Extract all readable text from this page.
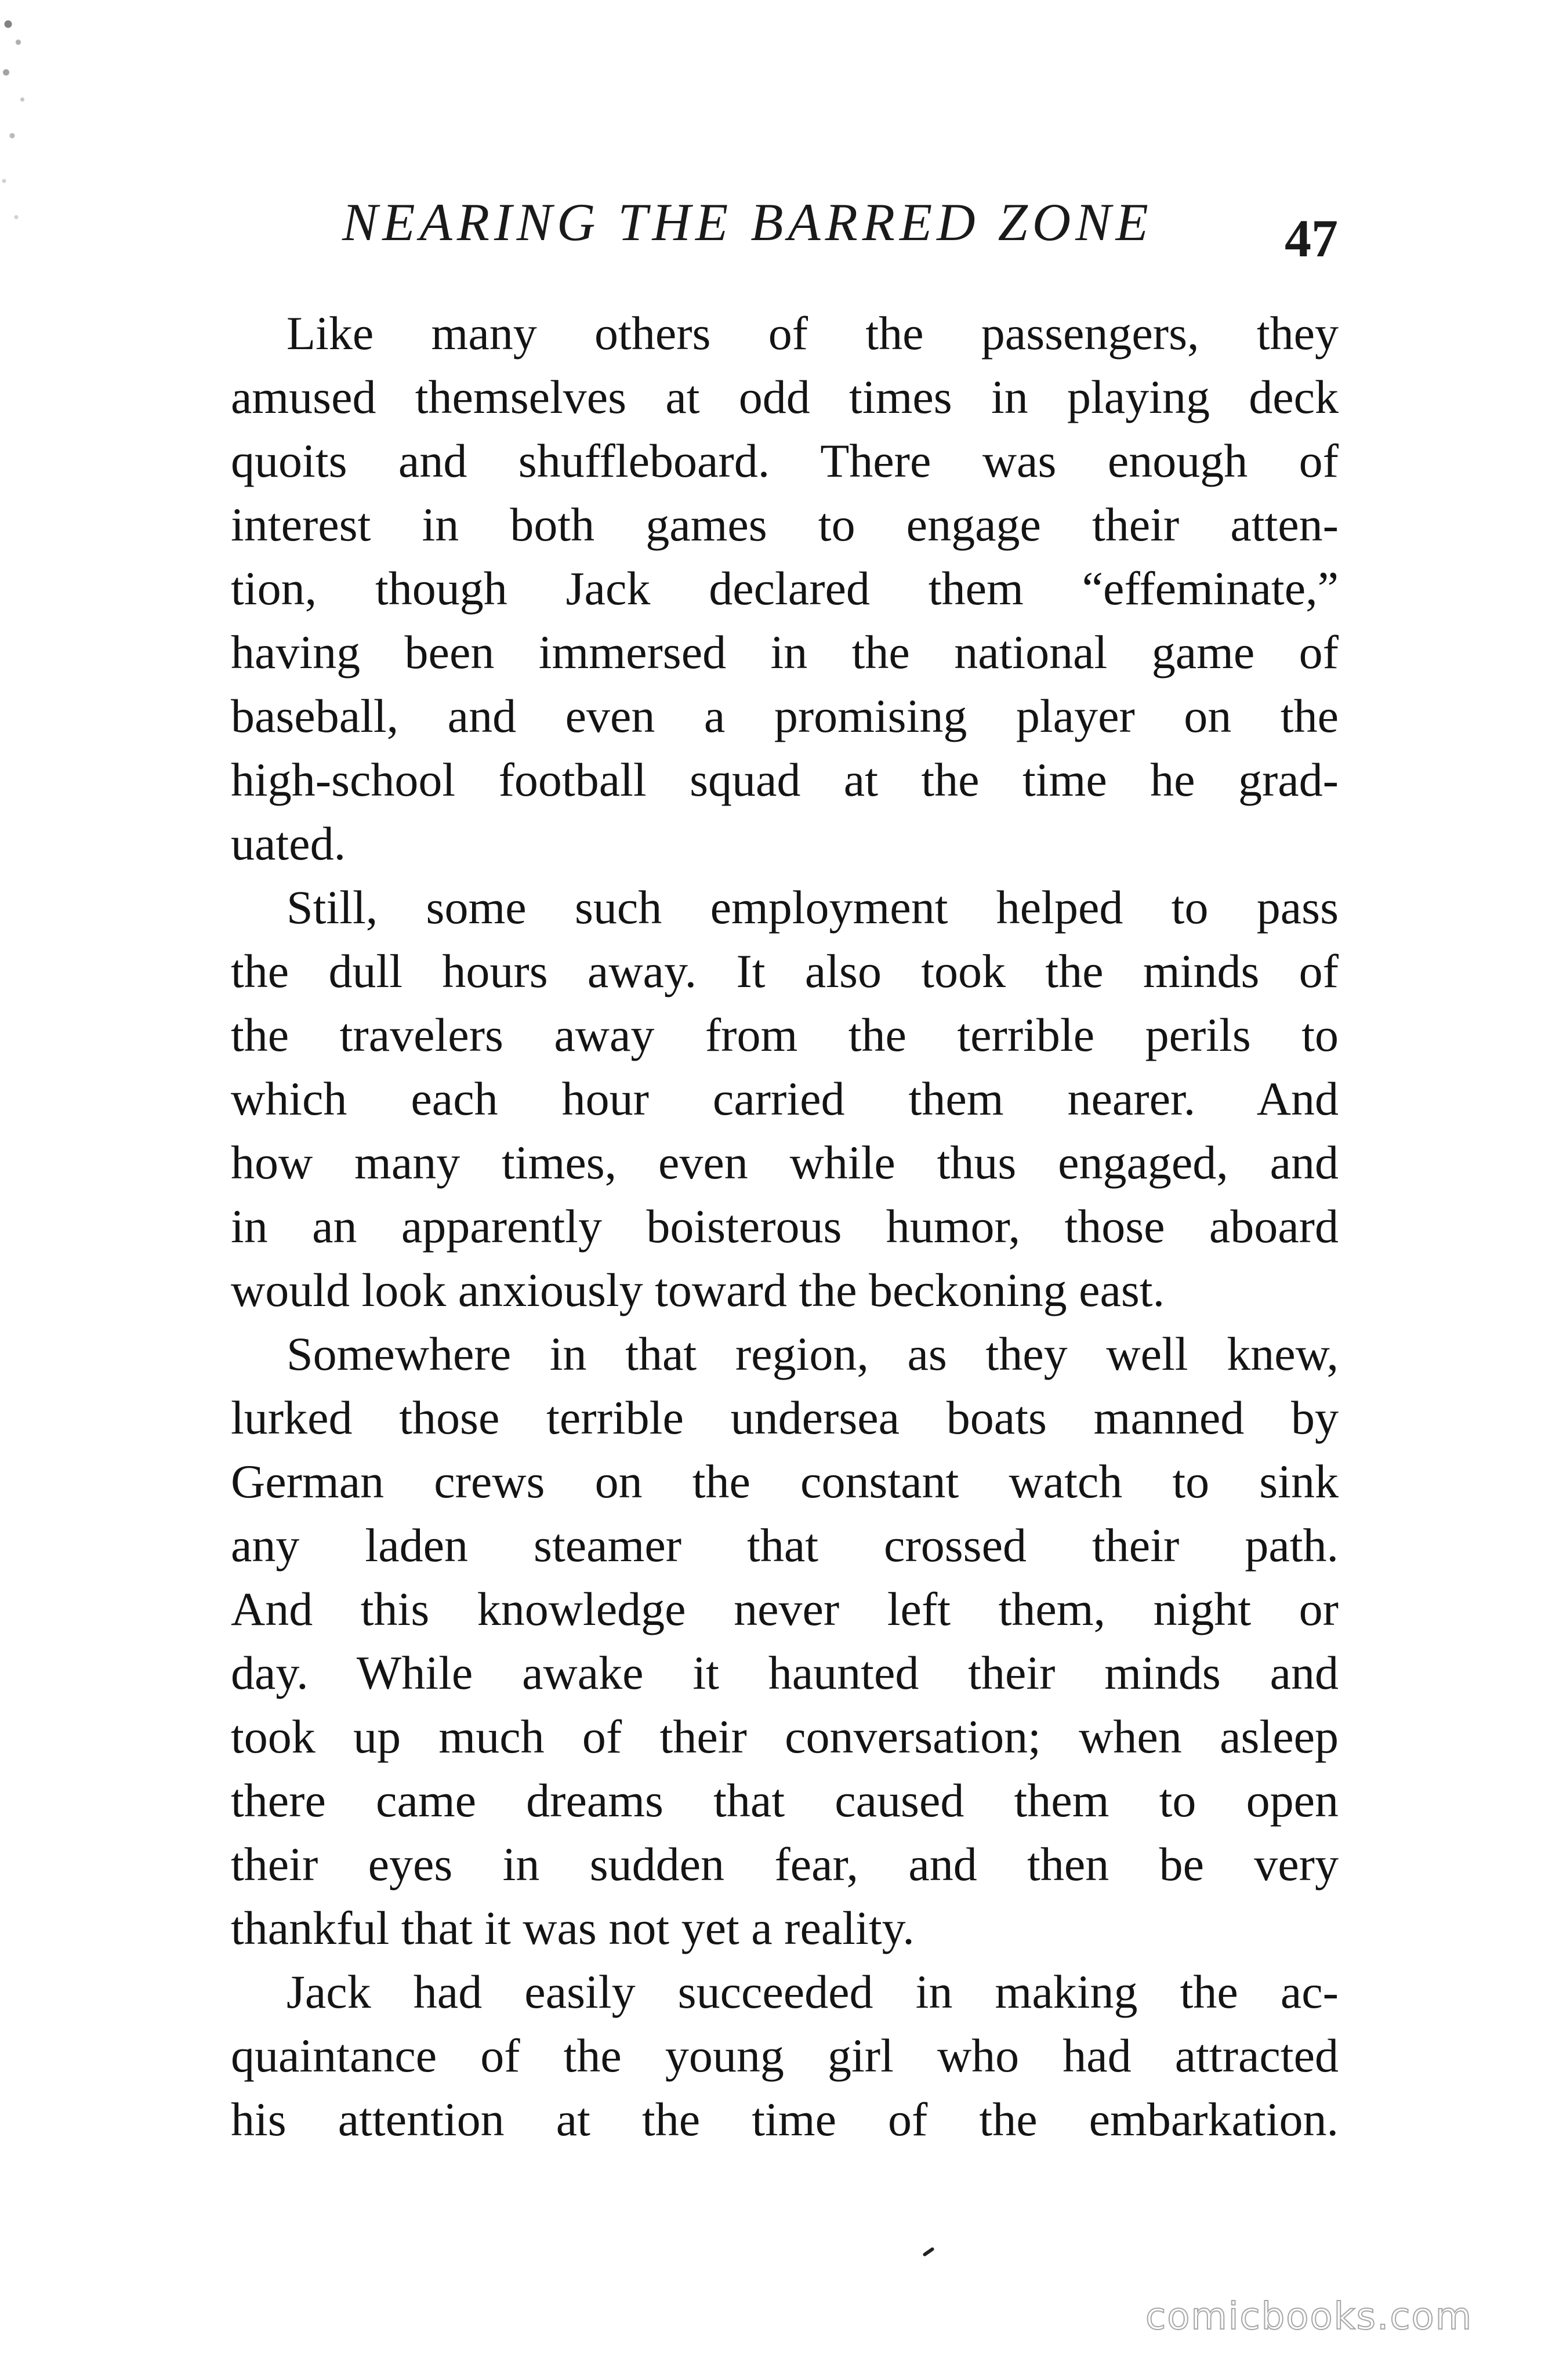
NEARING THE BARRED ZONE	47
Like many others of the passengers, they
amused themselves at odd times in playing deck
quoits and shuffleboard. There was enough of
interest in both games to engage their atten-
tion, though Jack declared them “effeminate,”
having been immersed in the national game of
baseball, and even a promising player on the
high-school football squad at the time he grad-
uated.
Still, some such employment helped to pass
the dull hours away. It also took the minds of
the travelers away from the terrible perils to
which each hour carried them nearer. And
how many times, even while thus engaged, and
in an apparently boisterous humor, those aboard
would look anxiously toward the beckoning east.
Somewhere in that region, as they well knew,
lurked those terrible undersea boats manned by
German crews on the constant watch to sink
any laden steamer that crossed their path.
And this knowledge never left them, night or
day. While awake it haunted their minds and
took up much of their conversation; when asleep
there came dreams that caused them to open
their eyes in sudden fear, and then be very
thankful that it was not yet a reality.
Jack had easily succeeded in making the ac-
quaintance of the young girl who had attracted
his attention at the time of the embarkation.
comicbooks.com
